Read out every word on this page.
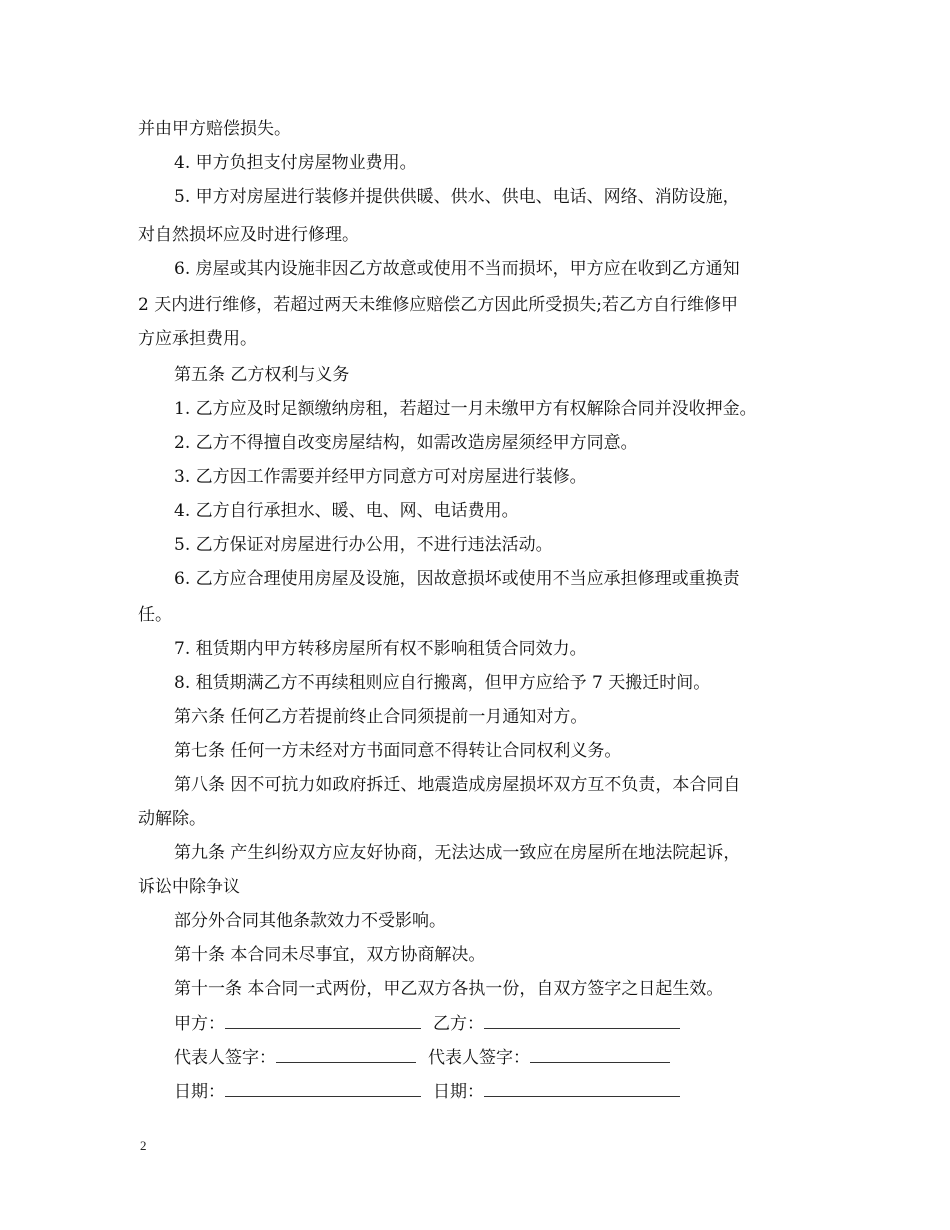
并由甲方赔偿损失。
4. 甲方负担支付房屋物业费用。
5. 甲方对房屋进行装修并提供供暖、供水、供电、电话、网络、消防设施，
对自然损坏应及时进行修理。
6. 房屋或其内设施非因乙方故意或使用不当而损坏，甲方应在收到乙方通知
2 天内进行维修，若超过两天未维修应赔偿乙方因此所受损失;若乙方自行维修甲
方应承担费用。
第五条 乙方权利与义务
1. 乙方应及时足额缴纳房租，若超过一月未缴甲方有权解除合同并没收押金。
2. 乙方不得擅自改变房屋结构，如需改造房屋须经甲方同意。
3. 乙方因工作需要并经甲方同意方可对房屋进行装修。
4. 乙方自行承担水、暖、电、网、电话费用。
5. 乙方保证对房屋进行办公用，不进行违法活动。
6. 乙方应合理使用房屋及设施，因故意损坏或使用不当应承担修理或重换责
任。
7. 租赁期内甲方转移房屋所有权不影响租赁合同效力。
8. 租赁期满乙方不再续租则应自行搬离，但甲方应给予 7 天搬迁时间。
第六条 任何乙方若提前终止合同须提前一月通知对方。
第七条 任何一方未经对方书面同意不得转让合同权利义务。
第八条 因不可抗力如政府拆迁、地震造成房屋损坏双方互不负责，本合同自
动解除。
第九条 产生纠纷双方应友好协商，无法达成一致应在房屋所在地法院起诉，
诉讼中除争议
部分外合同其他条款效力不受影响。
第十条 本合同未尽事宜，双方协商解决。
第十一条 本合同一式两份，甲乙双方各执一份，自双方签字之日起生效。
甲方：	乙方：
代表人签字：	代表人签字：
日期：	日期：
2
